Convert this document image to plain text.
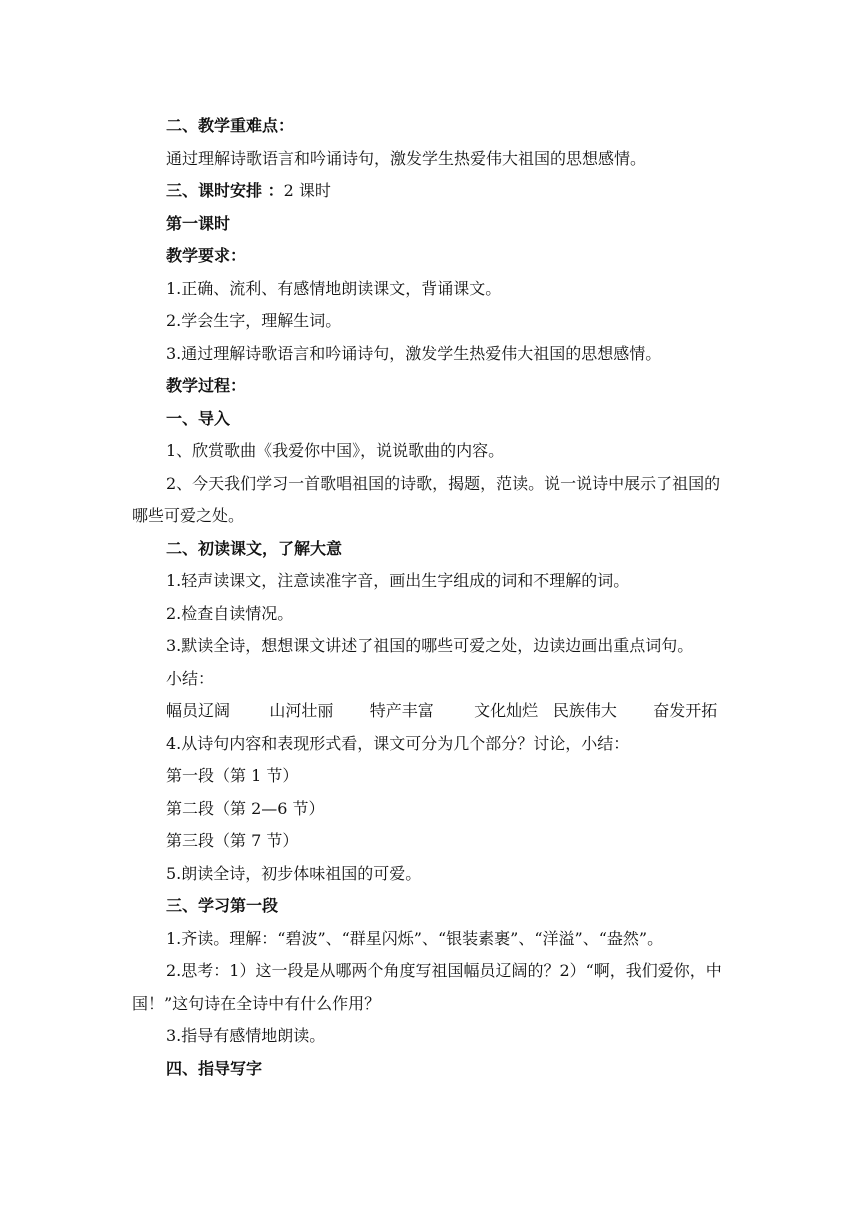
二、教学重难点：
通过理解诗歌语言和吟诵诗句，激发学生热爱伟大祖国的思想感情。
三、课时安排 ：2 课时
第一课时
教学要求：
1.正确、流利、有感情地朗读课文，背诵课文。
2.学会生字，理解生词。
3.通过理解诗歌语言和吟诵诗句，激发学生热爱伟大祖国的思想感情。
教学过程：
一、导入
1、欣赏歌曲《我爱你中国》，说说歌曲的内容。
2、今天我们学习一首歌唱祖国的诗歌，揭题，范读。说一说诗中展示了祖国的哪些可爱之处。
二、初读课文，了解大意
1.轻声读课文，注意读准字音，画出生字组成的词和不理解的词。
2.检查自读情况。
3.默读全诗，想想课文讲述了祖国的哪些可爱之处，边读边画出重点词句。
小结：
幅员辽阔	山河壮丽	特产丰富	文化灿烂 民族伟大	奋发开拓
4.从诗句内容和表现形式看，课文可分为几个部分？讨论，小结：
第一段（第 1 节）
第二段（第 2—6 节）
第三段（第 7 节）
5.朗读全诗，初步体味祖国的可爱。
三、学习第一段
1.齐读。理解：“碧波”、“群星闪烁”、“银装素裹”、“洋溢”、“盎然”。
2.思考：1）这一段是从哪两个角度写祖国幅员辽阔的？2）“啊，我们爱你，中国！”这句诗在全诗中有什么作用？
3.指导有感情地朗读。
四、指导写字
